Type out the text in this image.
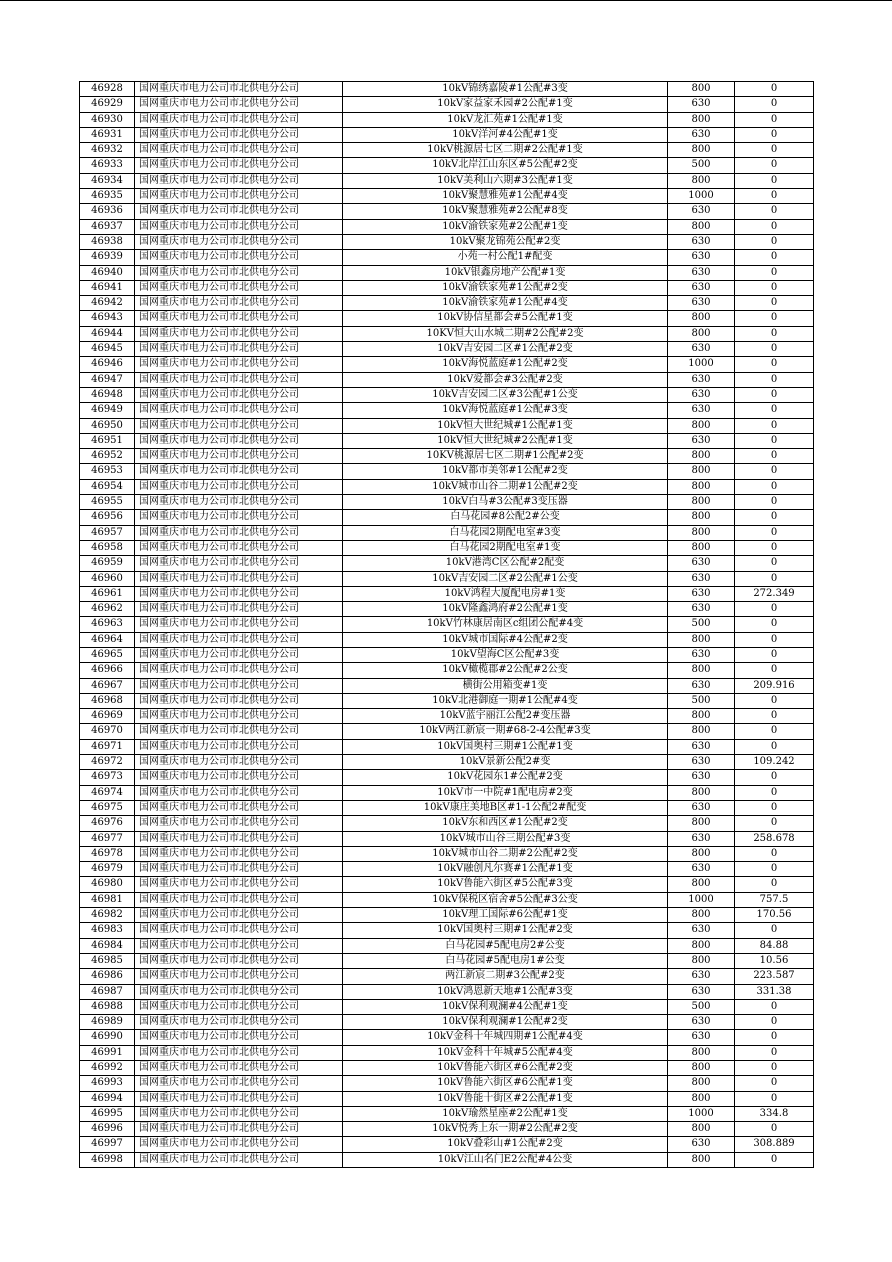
46928	国网重庆市电力公司市北供电分公司	10kV锦绣嘉陵#1公配#3变	800	0
46929	国网重庆市电力公司市北供电分公司	10kV家益家禾园#2公配#1变	630	0
46930	国网重庆市电力公司市北供电分公司	10kV龙汇苑#1公配#1变	800	0
46931	国网重庆市电力公司市北供电分公司	10kV洋河#4公配#1变	630	0
46932	国网重庆市电力公司市北供电分公司	10kV桃源居七区二期#2公配#1变	800	0
46933	国网重庆市电力公司市北供电分公司	10kV北岸江山东区#5公配#2变	500	0
46934	国网重庆市电力公司市北供电分公司	10kV美利山六期#3公配#1变	800	0
46935	国网重庆市电力公司市北供电分公司	10kV聚慧雅苑#1公配#4变	1000	0
46936	国网重庆市电力公司市北供电分公司	10kV聚慧雅苑#2公配#8变	630	0
46937	国网重庆市电力公司市北供电分公司	10kV渝铁家苑#2公配#1变	800	0
46938	国网重庆市电力公司市北供电分公司	10kV聚龙锦苑公配#2变	630	0
46939	国网重庆市电力公司市北供电分公司	小苑一村公配1#配变	630	0
46940	国网重庆市电力公司市北供电分公司	10kV银鑫房地产公配#1变	630	0
46941	国网重庆市电力公司市北供电分公司	10kV渝铁家苑#1公配#2变	630	0
46942	国网重庆市电力公司市北供电分公司	10kV渝铁家苑#1公配#4变	630	0
46943	国网重庆市电力公司市北供电分公司	10kV协信星都会#5公配#1变	800	0
46944	国网重庆市电力公司市北供电分公司	10KV恒大山水城二期#2公配#2变	800	0
46945	国网重庆市电力公司市北供电分公司	10kV吉安园二区#1公配#2变	630	0
46946	国网重庆市电力公司市北供电分公司	10kV海悦蓝庭#1公配#2变	1000	0
46947	国网重庆市电力公司市北供电分公司	10kV爱都会#3公配#2变	630	0
46948	国网重庆市电力公司市北供电分公司	10kV吉安园二区#3公配#1公变	630	0
46949	国网重庆市电力公司市北供电分公司	10kV海悦蓝庭#1公配#3变	630	0
46950	国网重庆市电力公司市北供电分公司	10kV恒大世纪城#1公配#1变	800	0
46951	国网重庆市电力公司市北供电分公司	10kV恒大世纪城#2公配#1变	630	0
46952	国网重庆市电力公司市北供电分公司	10KV桃源居七区二期#1公配#2变	800	0
46953	国网重庆市电力公司市北供电分公司	10kV都市美邻#1公配#2变	800	0
46954	国网重庆市电力公司市北供电分公司	10kV城市山谷二期#1公配#2变	800	0
46955	国网重庆市电力公司市北供电分公司	10kV白马#3公配#3变压器	800	0
46956	国网重庆市电力公司市北供电分公司	白马花园#8公配2#公变	800	0
46957	国网重庆市电力公司市北供电分公司	白马花园2期配电室#3变	800	0
46958	国网重庆市电力公司市北供电分公司	白马花园2期配电室#1变	800	0
46959	国网重庆市电力公司市北供电分公司	10kV港湾C区公配#2配变	630	0
46960	国网重庆市电力公司市北供电分公司	10kV吉安园二区#2公配#1公变	630	0
46961	国网重庆市电力公司市北供电分公司	10kV鸿程大厦配电房#1变	630	272.349
46962	国网重庆市电力公司市北供电分公司	10kV隆鑫鸿府#2公配#1变	630	0
46963	国网重庆市电力公司市北供电分公司	10kV竹林康居南区c组团公配#4变	500	0
46964	国网重庆市电力公司市北供电分公司	10kV城市国际#4公配#2变	800	0
46965	国网重庆市电力公司市北供电分公司	10kV望海C区公配#3变	630	0
46966	国网重庆市电力公司市北供电分公司	10kV橄榄郡#2公配#2公变	800	0
46967	国网重庆市电力公司市北供电分公司	横街公用箱变#1变	630	209.916
46968	国网重庆市电力公司市北供电分公司	10kV北港御庭一期#1公配#4变	500	0
46969	国网重庆市电力公司市北供电分公司	10kV蓝宇丽江公配2#变压器	800	0
46970	国网重庆市电力公司市北供电分公司	10kV两江新宸一期#68-2-4公配#3变	800	0
46971	国网重庆市电力公司市北供电分公司	10kV国奥村三期#1公配#1变	630	0
46972	国网重庆市电力公司市北供电分公司	10kV景新公配2#变	630	109.242
46973	国网重庆市电力公司市北供电分公司	10kV花园东1#公配#2变	630	0
46974	国网重庆市电力公司市北供电分公司	10kV市一中院#1配电房#2变	800	0
46975	国网重庆市电力公司市北供电分公司	10kV康庄美地B区#1-1公配2#配变	630	0
46976	国网重庆市电力公司市北供电分公司	10kV东和西区#1公配#2变	800	0
46977	国网重庆市电力公司市北供电分公司	10kV城市山谷三期公配#3变	630	258.678
46978	国网重庆市电力公司市北供电分公司	10kV城市山谷二期#2公配#2变	800	0
46979	国网重庆市电力公司市北供电分公司	10kV融创凡尔赛#1公配#1变	630	0
46980	国网重庆市电力公司市北供电分公司	10kV鲁能六街区#5公配#3变	800	0
46981	国网重庆市电力公司市北供电分公司	10kV保税区宿舍#5公配#3公变	1000	757.5
46982	国网重庆市电力公司市北供电分公司	10kV理工国际#6公配#1变	800	170.56
46983	国网重庆市电力公司市北供电分公司	10kV国奥村三期#1公配#2变	630	0
46984	国网重庆市电力公司市北供电分公司	白马花园#5配电房2#公变	800	84.88
46985	国网重庆市电力公司市北供电分公司	白马花园#5配电房1#公变	800	10.56
46986	国网重庆市电力公司市北供电分公司	两江新宸二期#3公配#2变	630	223.587
46987	国网重庆市电力公司市北供电分公司	10kV鸿恩新天地#1公配#3变	630	331.38
46988	国网重庆市电力公司市北供电分公司	10kV保利观澜#4公配#1变	500	0
46989	国网重庆市电力公司市北供电分公司	10kV保利观澜#1公配#2变	630	0
46990	国网重庆市电力公司市北供电分公司	10kV金科十年城四期#1公配#4变	630	0
46991	国网重庆市电力公司市北供电分公司	10kV金科十年城#5公配#4变	800	0
46992	国网重庆市电力公司市北供电分公司	10kV鲁能六街区#6公配#2变	800	0
46993	国网重庆市电力公司市北供电分公司	10kV鲁能六街区#6公配#1变	800	0
46994	国网重庆市电力公司市北供电分公司	10kV鲁能十街区#2公配#1变	800	0
46995	国网重庆市电力公司市北供电分公司	10kV瑜然星座#2公配#1变	1000	334.8
46996	国网重庆市电力公司市北供电分公司	10kV悦秀上东一期#2公配#2变	800	0
46997	国网重庆市电力公司市北供电分公司	10kV叠彩山#1公配#2变	630	308.889
46998	国网重庆市电力公司市北供电分公司	10kV江山名门E2公配#4公变	800	0
